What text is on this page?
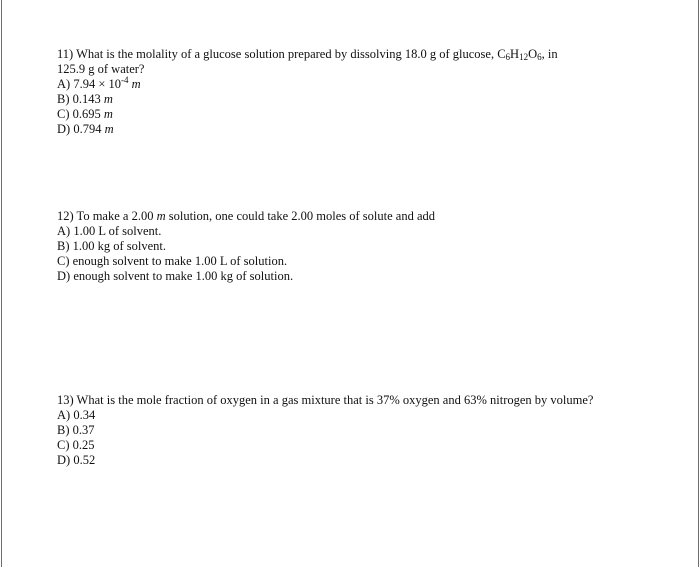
11) What is the molality of a glucose solution prepared by dissolving 18.0 g of glucose, $C_6H_{12}O_6$, in
125.9 g of water?
A) $7.94 \times 10^{-4}$ m
B) 0.143 m
C) 0.695 m
D) 0.794 m
12) To make a 2.00 m solution, one could take 2.00 moles of solute and add
A) 1.00 L of solvent.
B) 1.00 kg of solvent.
C) enough solvent to make 1.00 L of solution.
D) enough solvent to make 1.00 kg of solution.
13) What is the mole fraction of oxygen in a gas mixture that is 37% oxygen and 63% nitrogen by volume?
A) 0.34
B) 0.37
C) 0.25
D) 0.52
